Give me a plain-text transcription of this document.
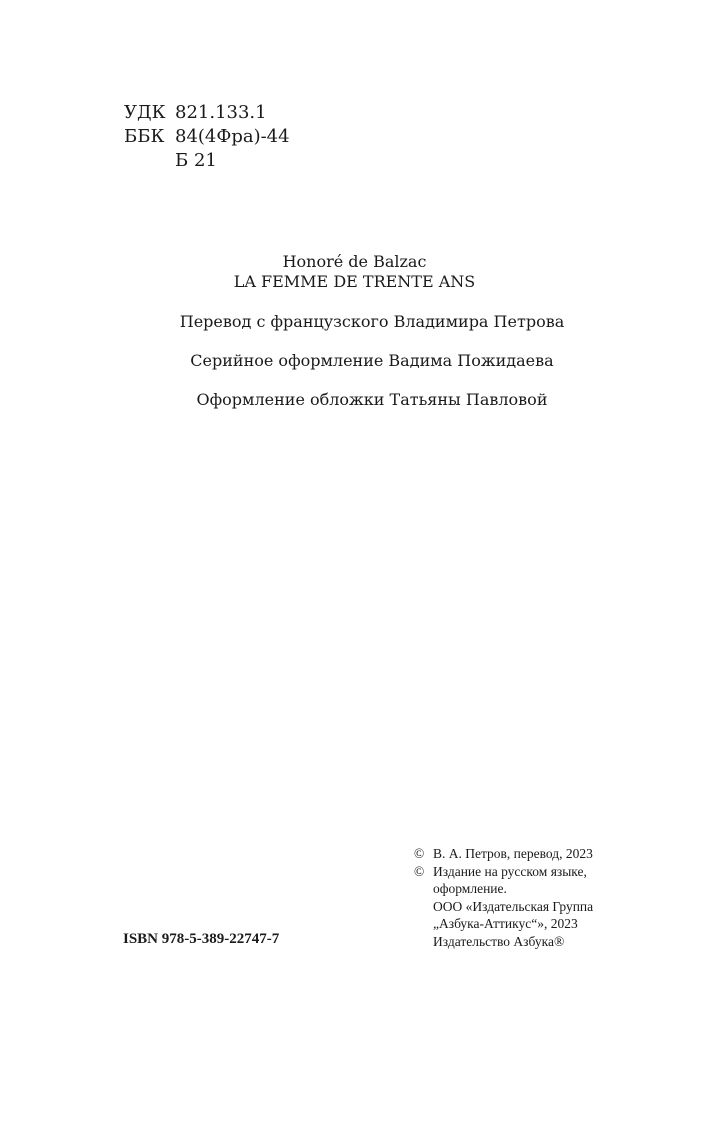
УДК 821.133.1
ББК 84(4Фра)-44
Б 21
Honoré de Balzac
LA FEMME DE TRENTE ANS
Перевод с французского Владимира Петрова
Серийное оформление Вадима Пожидаева
Оформление обложки Татьяны Павловой
ISBN 978-5-389-22747-7
© В. А. Петров, перевод, 2023
© Издание на русском языке,
оформление.
ООО «Издательская Группа
„Азбука-Аттикус“», 2023
Издательство Азбука®
